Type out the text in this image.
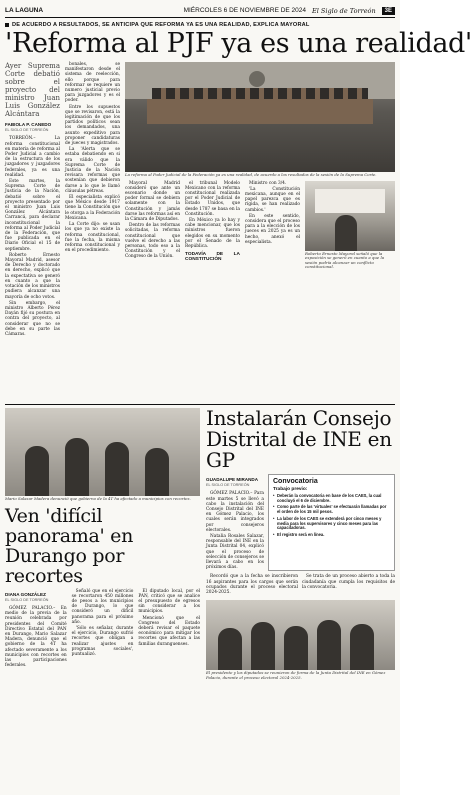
LA LAGUNA	MIÉRCOLES 6 DE NOVIEMBRE DE 2024 El Siglo de Torreón	3E
DE ACUERDO A RESULTADOS, SE ANTICIPA QUE REFORMA YA ES UNA REALIDAD, EXPLICA MAYORAL
'Reforma al PJF ya es una realidad'
Ayer Suprema Corte debatió sobre el proyecto del ministro Juan Luis González Alcántara
FABIOLA P. CANEDO
EL SIGLO DE TORREÓN

TORREÓN.– La reforma constitucional en materia de reforma al Poder Judicial a cambio de la estructura de los juzgadores y juzgadores federales, ya es una realidad.

Este martes, la Suprema Corte de Justicia de la Nación, debatió sobre el proyecto presentado por el ministro Juan Luis González Alcántara Carrancá, para declarar inconstitucional la reforma al Poder Judicial de la Federación, que fue publicada en el Diario Oficial el 15 de septiembre.

Roberto Ernesto Mayoral Madrid, asesor de Derecho y doctorado en derecho, explicó que la expectativa se generó en cuanto a que la votación de los ministros pudiera alcanzar una mayoría de ocho votos.

Sin embargo, el ministro Alberto Pérez Dayán fijó su postura en contra del proyecto, al considerar que no se debe en su parte las Cámaras.

bonales, se manifestaron desde el sistema de reelección, ello porque para reformar se requiere un numero justicial previo para juzgadores y es el poder.

Entre los supuestos que se revisaron, está la legitimación de que los partidos políticos sean los demandados, una asunto expeditivo para proponer candidaturas de jueces y magistrados.

La 'Alerta que se estaba debatiendo en si era válido que la Suprema Corte de Justicia de la Nación revisara reformas que sostenían que debieron darse a lo que le llamó cláusulas pétreas.

El especialista explicó que México desde 1917 tiene la Constitución que le otorga a la Federación Mexicana.

La Corte dijo: se usan los que ya no existe la reforma constitucional, fue la fecha, la misma reforma constitucional y en el procedimiento.

La reforma al Poder Judicial de la Federación ya es una realidad, de acuerdo a los resultados de la sesión de la Suprema Corte.

Mayoral Madrid consideró que ante un escenario donde un poder formal se debiera solamente con la Constitución y jamás darse las reformas así en la Cámara de Diputados.

Dentro de las reformas solicitadas, la reforma constitucional que vuelve el derecho a las personas, todo eso a la Constitución y el Congreso de la Unión.

el tribunal Modelo Mexicano con la reforma constitucional realizada por el Poder Judicial de Estado Unidos, que desde 1787 se basa en la Constitución.

En México ya lo hay y cabe mencionar, que los ministros fueron elegidos en su momento por el Senado de la República.

TODAVÍA DE LA CONSTITUCIÓN

Ministro con 3/4.

'La Constitución mexicana, aunque en el papel parezca que es rígida, se han realizado cambios.'

En este sentido, considera que el proceso para a la elección de los jueces en 2025 ya es un hecho, anexó el especialista.

Roberto Ernesto Mayoral señaló que la exposición se generó en cuanto a que la sesión podría alcanzar un conflicto constitucional.
Mario Salazar Madera denunció que gobierno de la 4T ha afectado a municipios con recortes.
Ven 'difícil panorama' en Durango por recortes
DIANA GONZÁLEZ
EL SIGLO DE TORREÓN

GÓMEZ PALACIO.– En medio de la previa de la reunión celebrada por presidentes del Comité Directivo Estatal del PAN en Durango, Mario Salazar Madera, denunció que el gobierno de la 4T ha afectado severamente a los municipios con recortes en las participaciones federales.

Señaló que en el ejercicio se recortaron 450 millones de pesos a los municipios de Durango, lo que consideró un difícil panorama para el próximo año.

'Sólo es señalar, durante el ejercicio, Durango sufrió recortes que obligan a realizar ajustes en programas sociales', puntualizó.

El diputado local, por el PAN, criticó que se analice el presupuesto de egresos sin considerar a los municipios.

Mencionó que el Congreso del Estado deberá revisar el paquete económico para mitigar los recortes que afectan a las familias duranguenses.

Instalarán Consejo Distrital de INE en GP
GUADALUPE MIRANDA
EL SIGLO DE TORREÓN

GÓMEZ PALACIO.– Para este martes 5 se llevó a cabo la instalación del Consejo Distrital del INE en Gómez Palacio, los cuales serán integrados por consejeros electorales.

Natalia Rosales Salazar, responsable del INE en la Junta Distrital 04, explicó que el proceso de selección de consejeros se llevará a cabo en los próximos días.

Convocatoria
Trabajo previo:
• Deberán la convocatoria en base de los CAES, la cual concluyó el 6 de diciembre.
• Como parte de las 'virtuales' se efectuarán llamadas por el orden de los 15 mil pesos.
• La labor de los CAES se extenderá por cinco meses y media para los supervisores y cinco meses para las capacitadoras.
• El registro será en línea.

Recordó que a la fecha se inscribieron 16 aspirantes para los cargos que serán ocupados durante el proceso electoral 2024-2025.

Se trata de un proceso abierto a toda la ciudadanía que cumpla los requisitos de la convocatoria.

El presidente y los diputados se reunieron de forma de la Junta Distrital del INE en Gómez Palacio, durante el proceso electoral 2024-2025.
